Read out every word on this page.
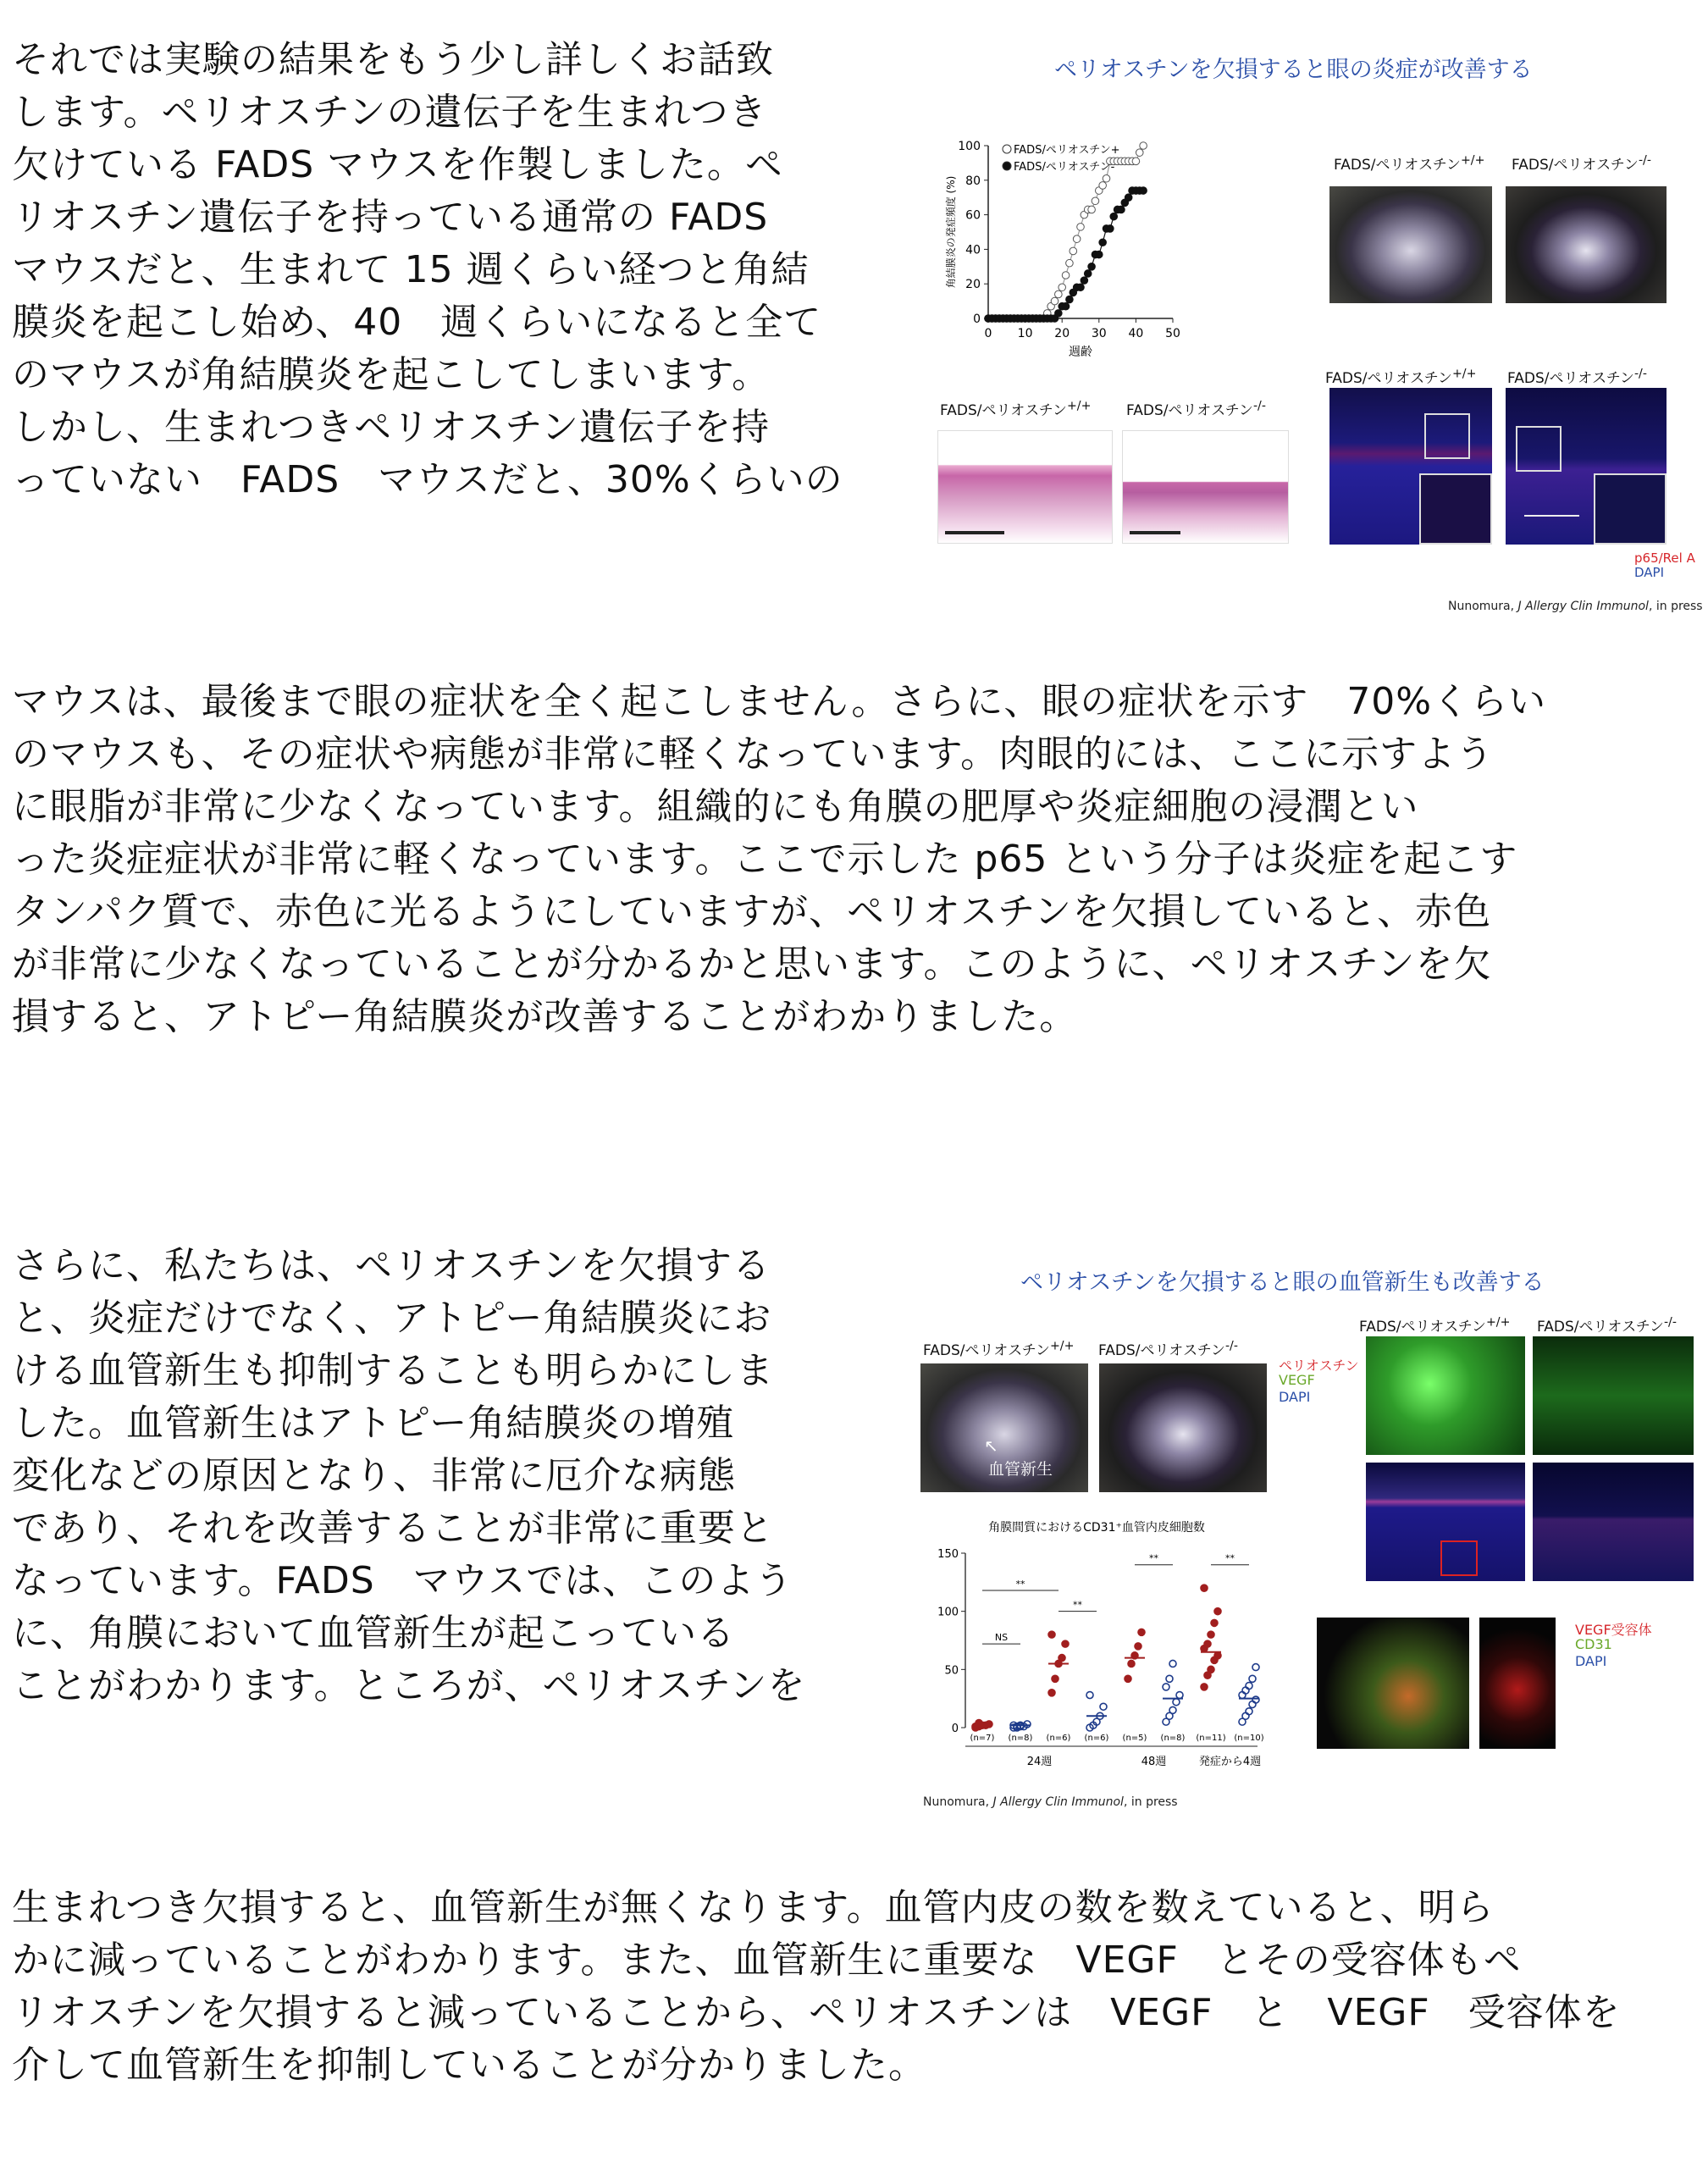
それでは実験の結果をもう少し詳しくお話致
します。ペリオスチンの遺伝子を生まれつき
欠けている FADS マウスを作製しました。ペ
リオスチン遺伝子を持っている通常の FADS
マウスだと、生まれて 15 週くらい経つと角結
膜炎を起こし始め、40　週くらいになると全て
のマウスが角結膜炎を起こしてしまいます。
しかし、生まれつきペリオスチン遺伝子を持
っていない　FADS　マウスだと、30%くらいの
マウスは、最後まで眼の症状を全く起こしません。さらに、眼の症状を示す　70%くらい
のマウスも、その症状や病態が非常に軽くなっています。肉眼的には、ここに示すよう
に眼脂が非常に少なくなっています。組織的にも角膜の肥厚や炎症細胞の浸潤とい
った炎症症状が非常に軽くなっています。ここで示した p65 という分子は炎症を起こす
タンパク質で、赤色に光るようにしていますが、ペリオスチンを欠損していると、赤色
が非常に少なくなっていることが分かるかと思います。このように、ペリオスチンを欠
損すると、アトピー角結膜炎が改善することがわかりました。
さらに、私たちは、ペリオスチンを欠損する
と、炎症だけでなく、アトピー角結膜炎にお
ける血管新生も抑制することも明らかにしま
した。血管新生はアトピー角結膜炎の増殖
変化などの原因となり、非常に厄介な病態
であり、それを改善することが非常に重要と
なっています。FADS　マウスでは、このよう
に、角膜において血管新生が起こっている
ことがわかります。ところが、ペリオスチンを
生まれつき欠損すると、血管新生が無くなります。血管内皮の数を数えていると、明ら
かに減っていることがわかります。また、血管新生に重要な　VEGF　とその受容体もペ
リオスチンを欠損すると減っていることから、ペリオスチンは　VEGF　と　VEGF　受容体を
介して血管新生を抑制していることが分かりました。
ペリオスチンを欠損すると眼の炎症が改善する
0
20
40
60
80
100
0 10 20 30 40 50
週齢
角結膜炎の発症頻度 (%)
FADS/ペリオスチン+
FADS/ペリオスチン-	FADS/ペリオスチン+/+ FADS/ペリオスチン-/-
FADS/ペリオスチン+/+ FADS/ペリオスチン-/-
p65/Rel A
DAPI
FADS/ペリオスチン+/+ FADS/ペリオスチン-/-
Nunomura, J Allergy Clin Immunol, in press
ペリオスチンを欠損すると眼の血管新生も改善する
FADS/ペリオスチン+/+ FADS/ペリオスチン-/-
血管新生
↖
角膜間質におけるCD31⁺血管内皮細胞数
0
50
100
150
(n=7) (n=8) (n=6) (n=6) (n=5) (n=8) (n=11) (n=10)
24週	48週	発症から4週
**
**
NS
**	**
FADS/ペリオスチン+/+ FADS/ペリオスチン-/-
ペリオスチン
VEGF
DAPI
VEGF受容体
CD31
DAPI
Nunomura, J Allergy Clin Immunol, in press
